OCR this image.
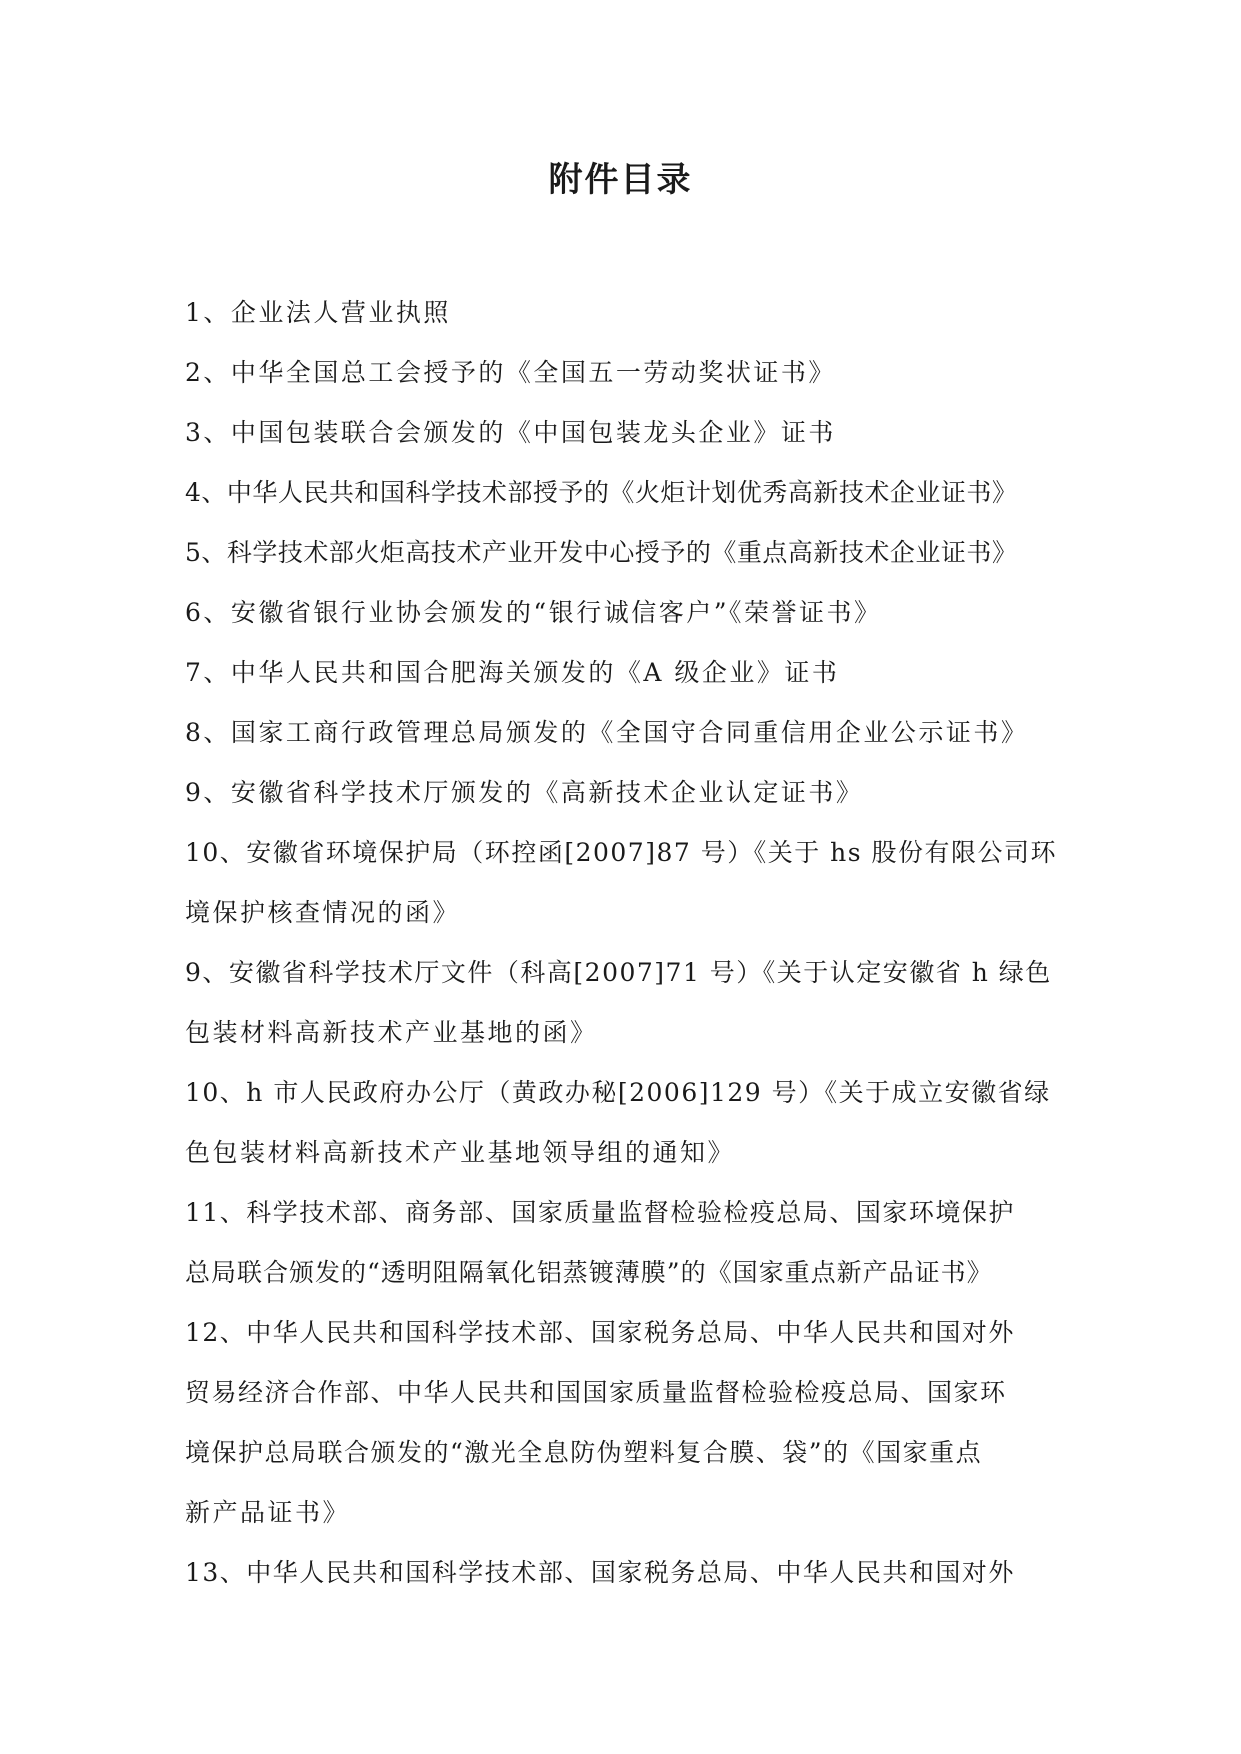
附件目录

1、企业法人营业执照

2、中华全国总工会授予的《全国五一劳动奖状证书》

3、中国包装联合会颁发的《中国包装龙头企业》证书

4、中华人民共和国科学技术部授予的《火炬计划优秀高新技术企业证书》

5、科学技术部火炬高技术产业开发中心授予的《重点高新技术企业证书》

6、安徽省银行业协会颁发的“银行诚信客户”《荣誉证书》

7、中华人民共和国合肥海关颁发的《A 级企业》证书

8、国家工商行政管理总局颁发的《全国守合同重信用企业公示证书》

9、安徽省科学技术厅颁发的《高新技术企业认定证书》

10、安徽省环境保护局（环控函[2007]87 号）《关于 hs 股份有限公司环

境保护核查情况的函》

9、安徽省科学技术厅文件（科高[2007]71 号）《关于认定安徽省 h 绿色

包装材料高新技术产业基地的函》

10、h 市人民政府办公厅（黄政办秘[2006]129 号）《关于成立安徽省绿

色包装材料高新技术产业基地领导组的通知》

11、科学技术部、商务部、国家质量监督检验检疫总局、国家环境保护

总局联合颁发的“透明阻隔氧化铝蒸镀薄膜”的《国家重点新产品证书》

12、中华人民共和国科学技术部、国家税务总局、中华人民共和国对外

贸易经济合作部、中华人民共和国国家质量监督检验检疫总局、国家环

境保护总局联合颁发的“激光全息防伪塑料复合膜、袋”的《国家重点

新产品证书》

13、中华人民共和国科学技术部、国家税务总局、中华人民共和国对外
